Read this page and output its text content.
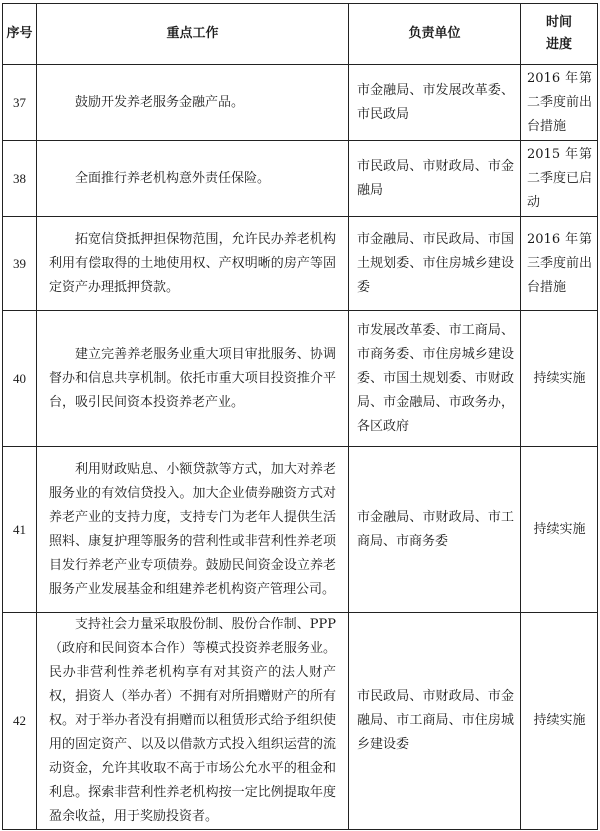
序号	重点工作	负责单位	时间
进度
37	鼓励开发养老服务金融产品。	市金融局、市发展改革委、市民政局	2016 年第二季度前出台措施
38	全面推行养老机构意外责任保险。	市民政局、市财政局、市金融局	2015 年第二季度已启动
39	拓宽信贷抵押担保物范围，允许民办养老机构利用有偿取得的土地使用权、产权明晰的房产等固定资产办理抵押贷款。	市金融局、市民政局、市国土规划委、市住房城乡建设委	2016 年第三季度前出台措施
40	建立完善养老服务业重大项目审批服务、协调督办和信息共享机制。依托市重大项目投资推介平台，吸引民间资本投资养老产业。	市发展改革委、市工商局、市商务委、市住房城乡建设委、市国土规划委、市财政局、市金融局、市政务办，各区政府	持续实施
41	利用财政贴息、小额贷款等方式，加大对养老服务业的有效信贷投入。加大企业债券融资方式对养老产业的支持力度，支持专门为老年人提供生活照料、康复护理等服务的营利性或非营利性养老项目发行养老产业专项债券。鼓励民间资金设立养老服务产业发展基金和组建养老机构资产管理公司。	市金融局、市财政局、市工商局、市商务委	持续实施
42	支持社会力量采取股份制、股份合作制、PPP（政府和民间资本合作）等模式投资养老服务业。民办非营利性养老机构享有对其资产的法人财产权，捐资人（举办者）不拥有对所捐赠财产的所有权。对于举办者没有捐赠而以租赁形式给予组织使用的固定资产、以及以借款方式投入组织运营的流动资金，允许其收取不高于市场公允水平的租金和利息。探索非营利性养老机构按一定比例提取年度盈余收益，用于奖励投资者。	市民政局、市财政局、市金融局、市工商局、市住房城乡建设委	持续实施
